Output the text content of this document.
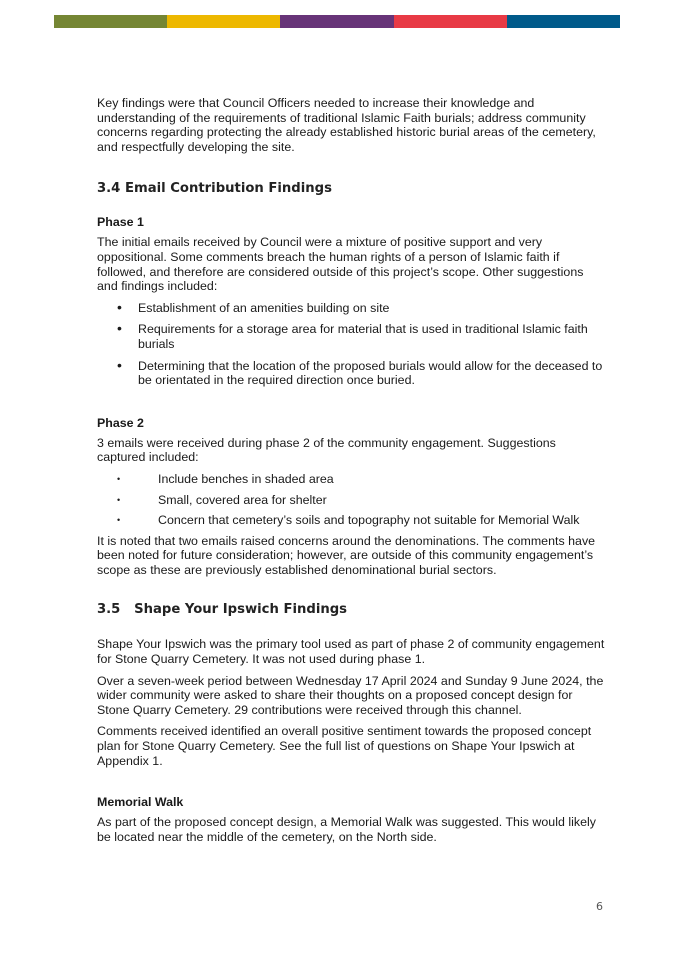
Key findings were that Council Officers needed to increase their knowledge and understanding of the requirements of traditional Islamic Faith burials; address community concerns regarding protecting the already established historic burial areas of the cemetery, and respectfully developing the site.

3.4 Email Contribution Findings
Phase 1

The initial emails received by Council were a mixture of positive support and very oppositional. Some comments breach the human rights of a person of Islamic faith if followed, and therefore are considered outside of this project’s scope. Other suggestions and findings included:

• Establishment of an amenities building on site
• Requirements for a storage area for material that is used in traditional Islamic faith burials
• Determining that the location of the proposed burials would allow for the deceased to be orientated in the required direction once buried.
Phase 2

3 emails were received during phase 2 of the community engagement. Suggestions captured included:

•	Include benches in shaded area
•	Small, covered area for shelter
•	Concern that cemetery’s soils and topography not suitable for Memorial Walk

It is noted that two emails raised concerns around the denominations. The comments have been noted for future consideration; however, are outside of this community engagement’s scope as these are previously established denominational burial sectors.

3.5   Shape Your Ipswich Findings

Shape Your Ipswich was the primary tool used as part of phase 2 of community engagement for Stone Quarry Cemetery. It was not used during phase 1.

Over a seven-week period between Wednesday 17 April 2024 and Sunday 9 June 2024, the wider community were asked to share their thoughts on a proposed concept design for Stone Quarry Cemetery. 29 contributions were received through this channel.

Comments received identified an overall positive sentiment towards the proposed concept plan for Stone Quarry Cemetery. See the full list of questions on Shape Your Ipswich at Appendix 1.

Memorial Walk

As part of the proposed concept design, a Memorial Walk was suggested. This would likely be located near the middle of the cemetery, on the North side.

6
